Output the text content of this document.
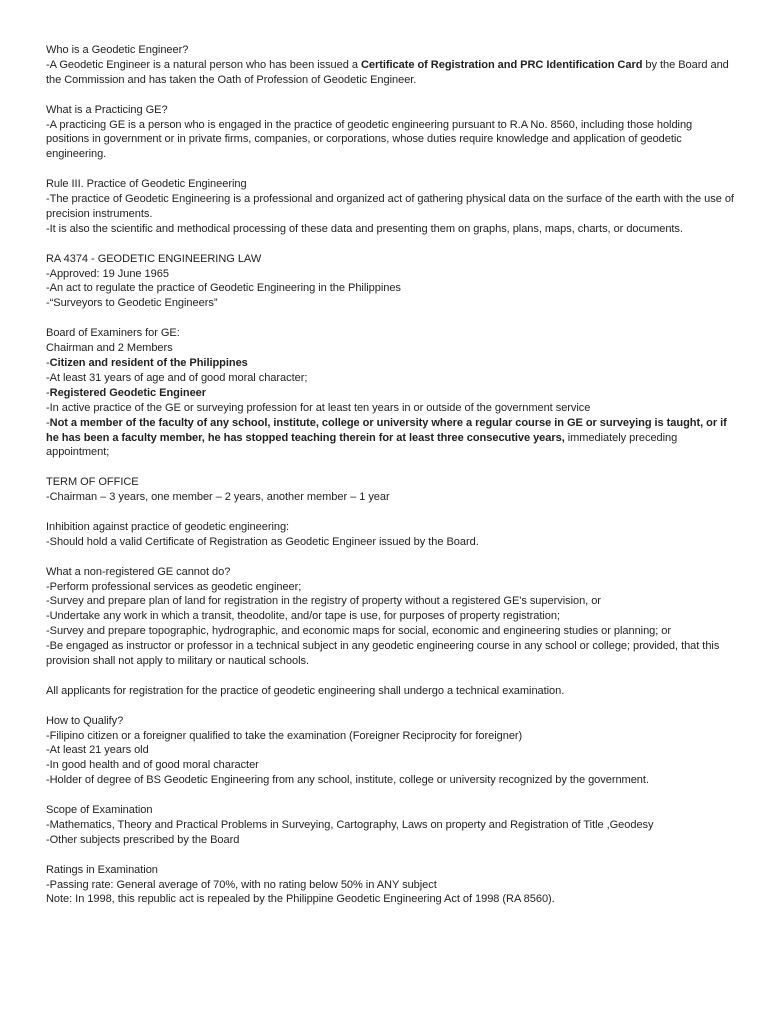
Who is a Geodetic Engineer?
-A Geodetic Engineer is a natural person who has been issued a Certificate of Registration and PRC Identification Card by the Board and the Commission and has taken the Oath of Profession of Geodetic Engineer.
What is a Practicing GE?
-A practicing GE is a person who is engaged in the practice of geodetic engineering pursuant to R.A No. 8560, including those holding positions in government or in private firms, companies, or corporations, whose duties require knowledge and application of geodetic engineering.
Rule III. Practice of Geodetic Engineering
-The practice of Geodetic Engineering is a professional and organized act of gathering physical data on the surface of the earth with the use of precision instruments.
-It is also the scientific and methodical processing of these data and presenting them on graphs, plans, maps, charts, or documents.
RA 4374 - GEODETIC ENGINEERING LAW
-Approved: 19 June 1965
-An act to regulate the practice of Geodetic Engineering in the Philippines
-“Surveyors to Geodetic Engineers”
Board of Examiners for GE:
Chairman and 2 Members
-Citizen and resident of the Philippines
-At least 31 years of age and of good moral character;
-Registered Geodetic Engineer
-In active practice of the GE or surveying profession for at least ten years in or outside of the government service
-Not a member of the faculty of any school, institute, college or university where a regular course in GE or surveying is taught, or if he has been a faculty member, he has stopped teaching therein for at least three consecutive years, immediately preceding appointment;
TERM OF OFFICE
-Chairman – 3 years, one member – 2 years, another member – 1 year
Inhibition against practice of geodetic engineering:
-Should hold a valid Certificate of Registration as Geodetic Engineer issued by the Board.
What a non-registered GE cannot do?
-Perform professional services as geodetic engineer;
-Survey and prepare plan of land for registration in the registry of property without a registered GE's supervision, or
-Undertake any work in which a transit, theodolite, and/or tape is use, for purposes of property registration;
-Survey and prepare topographic, hydrographic, and economic maps for social, economic and engineering studies or planning; or
-Be engaged as instructor or professor in a technical subject in any geodetic engineering course in any school or college; provided, that this provision shall not apply to military or nautical schools.
All applicants for registration for the practice of geodetic engineering shall undergo a technical examination.
How to Qualify?
-Filipino citizen or a foreigner qualified to take the examination (Foreigner Reciprocity for foreigner)
-At least 21 years old
-In good health and of good moral character
-Holder of degree of BS Geodetic Engineering from any school, institute, college or university recognized by the government.
Scope of Examination
-Mathematics, Theory and Practical Problems in Surveying, Cartography, Laws on property and Registration of Title ,Geodesy
-Other subjects prescribed by the Board
Ratings in Examination
-Passing rate: General average of 70%, with no rating below 50% in ANY subject
Note: In 1998, this republic act is repealed by the Philippine Geodetic Engineering Act of 1998 (RA 8560).
